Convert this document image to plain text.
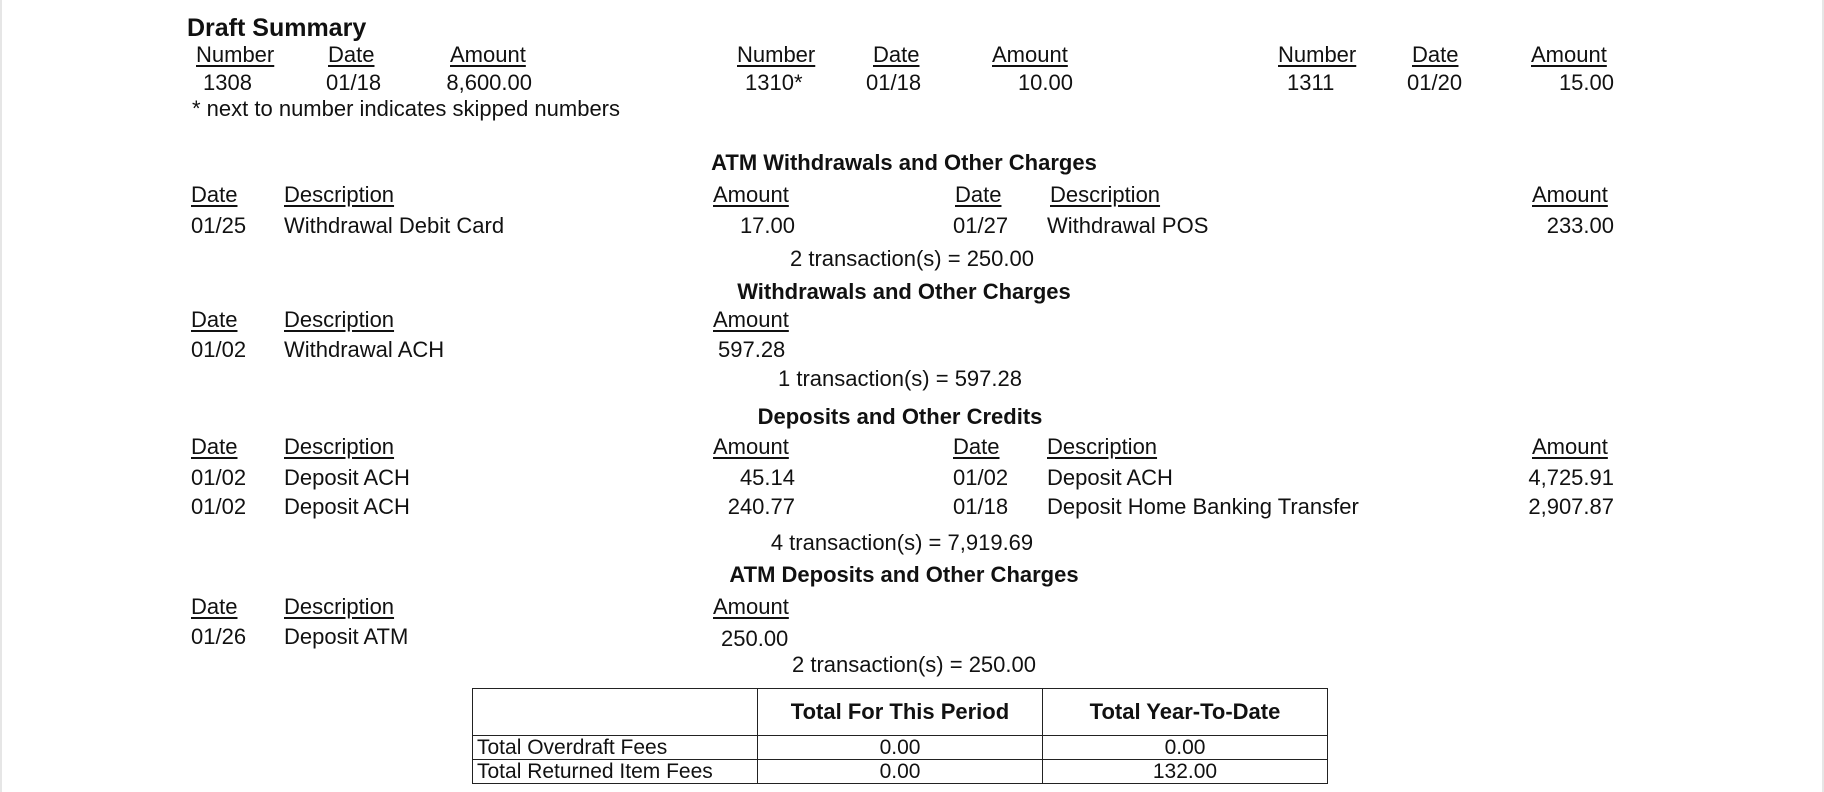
Draft Summary
Number Date	Amount
1308	01/18	8,600.00
Number	Date	Amount
1310*	01/18	10.00
Number	Date	Amount
1311	01/20	15.00
* next to number indicates skipped numbers
ATM Withdrawals and Other Charges
Date Description	Amount	Date Description	Amount
01/25 Withdrawal Debit Card	17.00	01/27 Withdrawal POS	233.00
2 transaction(s) = 250.00
Withdrawals and Other Charges
Date Description	Amount
01/02 Withdrawal ACH	597.28
1 transaction(s) = 597.28
Deposits and Other Credits
Date Description	Amount	Date Description	Amount
01/02 Deposit ACH	45.14	01/02 Deposit ACH	4,725.91
01/02 Deposit ACH	240.77	01/18 Deposit Home Banking Transfer	2,907.87
4 transaction(s) = 7,919.69
ATM Deposits and Other Charges
Date Description	Amount
01/26 Deposit ATM	250.00
2 transaction(s) = 250.00
	Total For This Period	Total Year-To-Date
Total Overdraft Fees	0.00	0.00
Total Returned Item Fees	0.00	132.00
